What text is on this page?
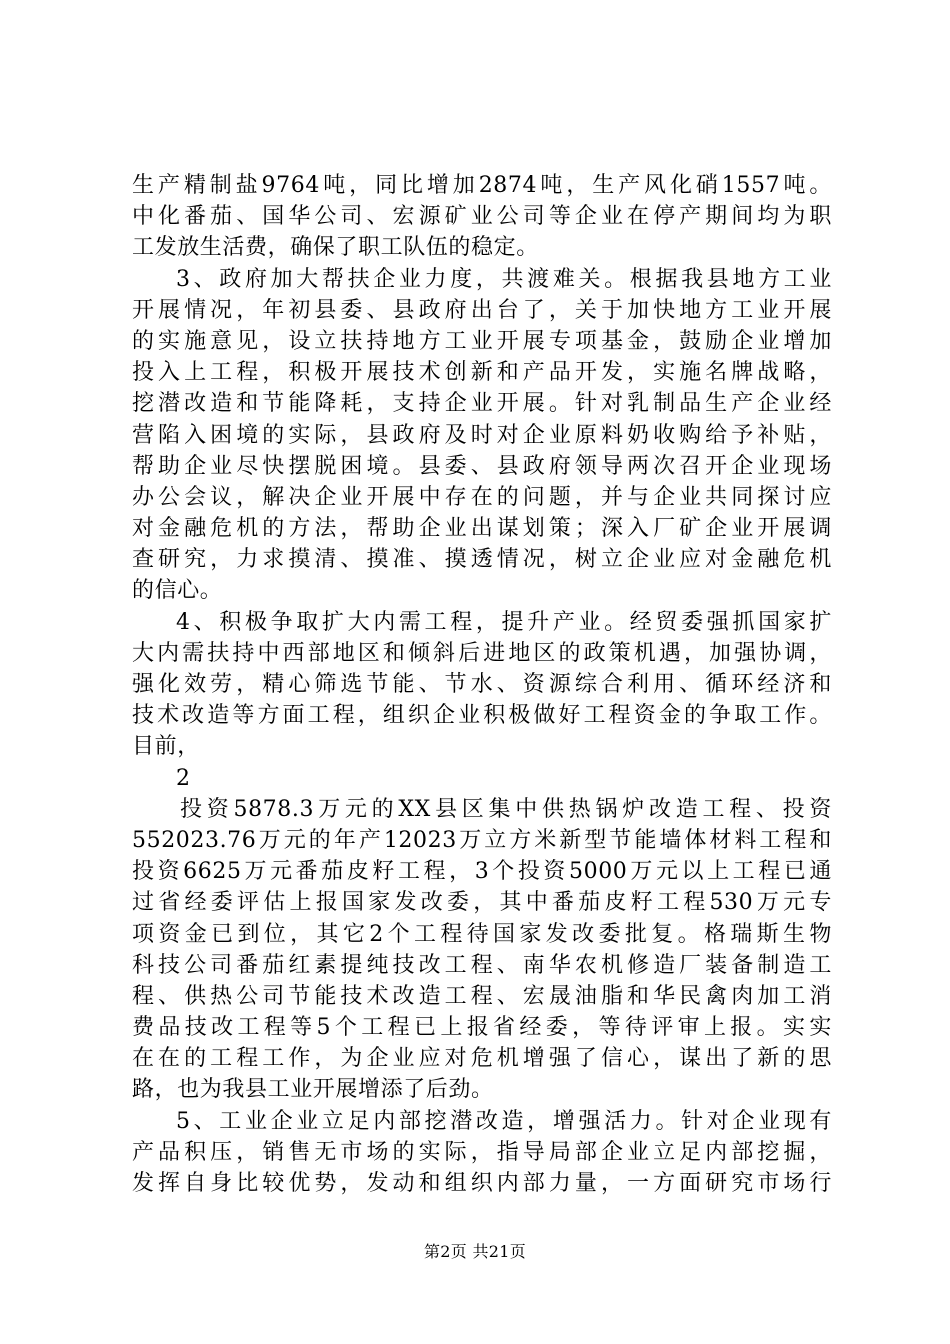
生产精制盐9764吨，同比增加2874吨，生产风化硝1557吨。
中化番茄、国华公司、宏源矿业公司等企业在停产期间均为职
工发放生活费，确保了职工队伍的稳定。
3、政府加大帮扶企业力度，共渡难关。根据我县地方工业
开展情况，年初县委、县政府出台了，关于加快地方工业开展
的实施意见，设立扶持地方工业开展专项基金，鼓励企业增加
投入上工程，积极开展技术创新和产品开发，实施名牌战略，
挖潜改造和节能降耗，支持企业开展。针对乳制品生产企业经
营陷入困境的实际，县政府及时对企业原料奶收购给予补贴，
帮助企业尽快摆脱困境。县委、县政府领导两次召开企业现场
办公会议，解决企业开展中存在的问题，并与企业共同探讨应
对金融危机的方法，帮助企业出谋划策；深入厂矿企业开展调
查研究，力求摸清、摸准、摸透情况，树立企业应对金融危机
的信心。
4、积极争取扩大内需工程，提升产业。经贸委强抓国家扩
大内需扶持中西部地区和倾斜后进地区的政策机遇，加强协调，
强化效劳，精心筛选节能、节水、资源综合利用、循环经济和
技术改造等方面工程，组织企业积极做好工程资金的争取工作。
目前，
2
投资5878.3万元的XX县区集中供热锅炉改造工程、投资
552023.76万元的年产12023万立方米新型节能墙体材料工程和
投资6625万元番茄皮籽工程，3个投资5000万元以上工程已通
过省经委评估上报国家发改委，其中番茄皮籽工程530万元专
项资金已到位，其它2个工程待国家发改委批复。格瑞斯生物
科技公司番茄红素提纯技改工程、南华农机修造厂装备制造工
程、供热公司节能技术改造工程、宏晟油脂和华民禽肉加工消
费品技改工程等5个工程已上报省经委，等待评审上报。实实
在在的工程工作，为企业应对危机增强了信心，谋出了新的思
路，也为我县工业开展增添了后劲。
5、工业企业立足内部挖潜改造，增强活力。针对企业现有
产品积压，销售无市场的实际，指导局部企业立足内部挖掘，
发挥自身比较优势，发动和组织内部力量，一方面研究市场行
第2页 共21页
